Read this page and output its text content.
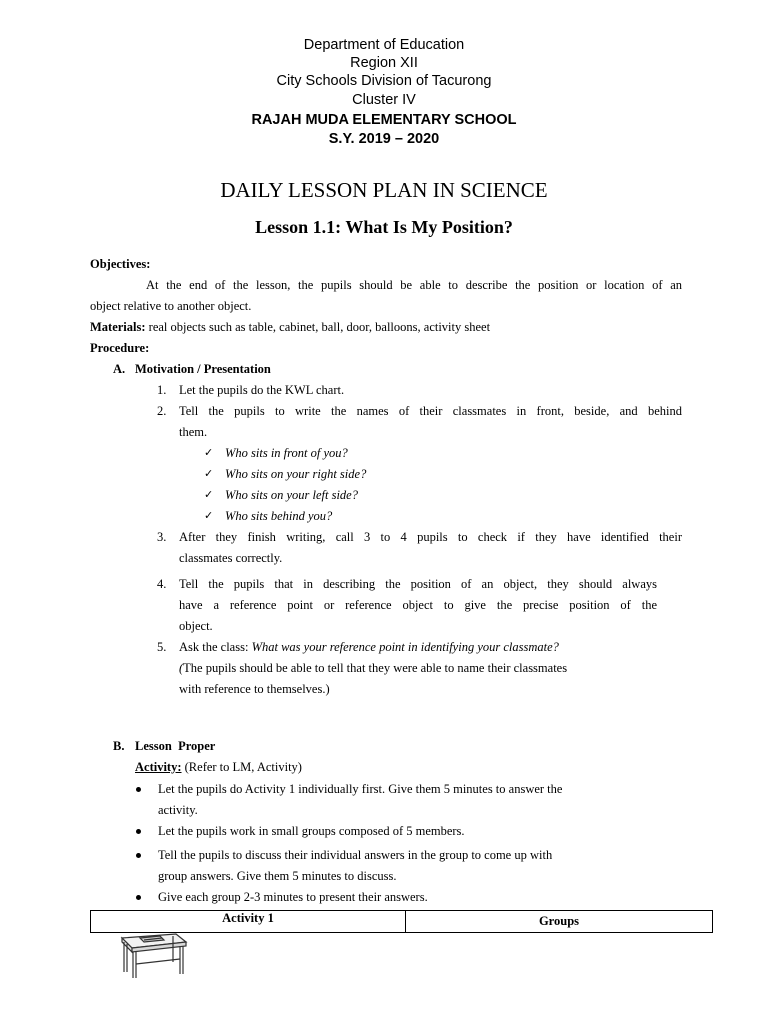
Department of Education
Region XII
City Schools Division of Tacurong
Cluster IV
RAJAH MUDA ELEMENTARY SCHOOL
S.Y. 2019 – 2020
DAILY LESSON PLAN IN SCIENCE
Lesson 1.1: What Is My Position?
Objectives:
At the end of the lesson, the pupils should be able to describe the position or location of an
object relative to another object.
Materials: real objects such as table, cabinet, ball, door, balloons, activity sheet
Procedure:
A. Motivation / Presentation
1. Let the pupils do the KWL chart.
2. Tell the pupils to write the names of their classmates in front, beside, and behind
them.
✓ Who sits in front of you?
✓ Who sits on your right side?
✓ Who sits on your left side?
✓ Who sits behind you?
3. After they finish writing, call 3 to 4 pupils to check if they have identified their
classmates correctly.
4. Tell the pupils that in describing the position of an object, they should always
have a reference point or reference object to give the precise position of the
object.
5. Ask the class: What was your reference point in identifying your classmate?
(The pupils should be able to tell that they were able to name their classmates
with reference to themselves.)
B. Lesson  Proper
Activity: (Refer to LM, Activity)
Let the pupils do Activity 1 individually first. Give them 5 minutes to answer the
activity.
Let the pupils work in small groups composed of 5 members.
Tell the pupils to discuss their individual answers in the group to come up with
group answers. Give them 5 minutes to discuss.
Give each group 2-3 minutes to present their answers.
Activity 1	Groups
